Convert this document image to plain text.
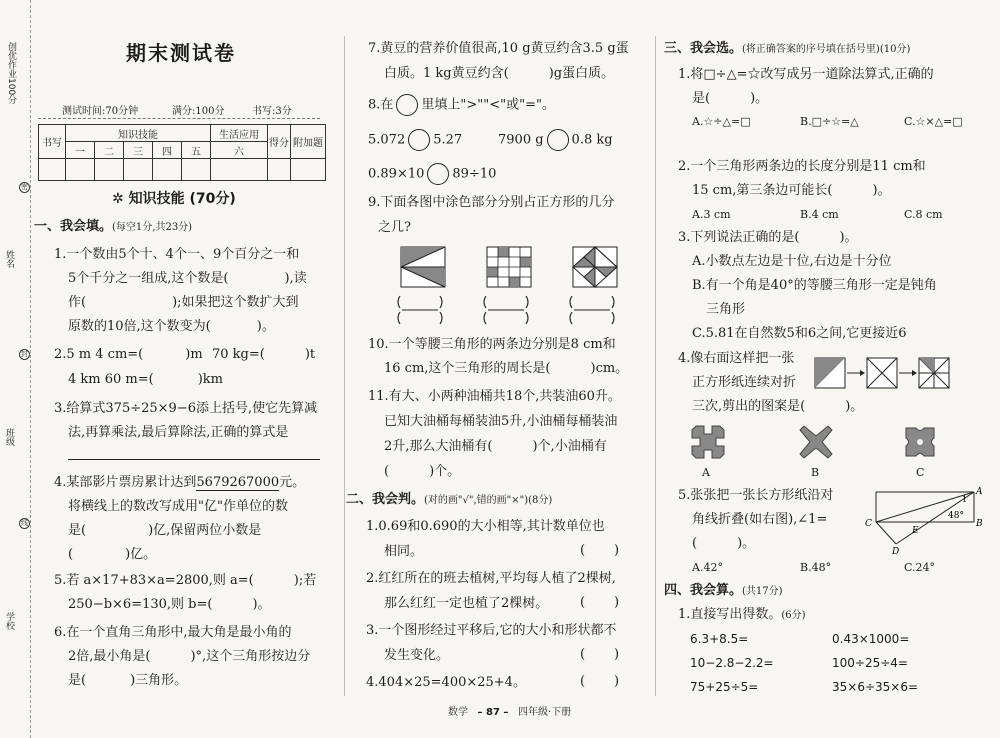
创优作业100分
密
封
线
姓名
班级
学校
期末测试卷
测试时间:70分钟	满分:100分	书写:3分
书写	知识技能					生活应用	得分	附加题
	一	二	三	四	五	六		

✲ 知识技能 (70分)
一、我会填。(每空1分,共23分)
1.一个数由5个十、4个一、9个百分之一和
5个千分之一组成,这个数是(	),读
作(	);如果把这个数扩大到
原数的10倍,这个数变为(	)。
2.5 m 4 cm=(	)m 70 kg=(	)t
4 km 60 m=(	)km
3.给算式375÷25×9−6添上括号,使它先算减
法,再算乘法,最后算除法,正确的算式是
4.某部影片票房累计达到5679267000元。
将横线上的数改写成用"亿"作单位的数
是(	)亿,保留两位小数是
(	)亿。
5.若 a×17+83×a=2800,则 a=(	);若
250−b×6=130,则 b=(	)。
6.在一个直角三角形中,最大角是最小角的
2倍,最小角是(	)°,这个三角形按边分
是(	)三角形。
7.黄豆的营养价值很高,10 g黄豆约含3.5 g蛋
白质。1 kg黄豆约含(	)g蛋白质。
8.在 里填上">""<"或"="。
5.072 5.27	7900 g 0.8 kg
0.89×10 89÷10
9.下面各图中涂色部分分别占正方形的几分
之几?
10.一个等腰三角形的两条边分别是8 cm和
16 cm,这个三角形的周长是(	)cm。
11.有大、小两种油桶共18个,共装油60升。
已知大油桶每桶装油5升,小油桶每桶装油
2升,那么大油桶有(	)个,小油桶有
(	)个。
二、我会判。(对的画"√",错的画"×")(8分)
1.0.69和0.690的大小相等,其计数单位也
相同。	(       )
2.红红所在的班去植树,平均每人植了2棵树,
那么红红一定也植了2棵树。 (       )
3.一个图形经过平移后,它的大小和形状都不
发生变化。	(       )
4.404×25=400×25+4。	(       )
三、我会选。(将正确答案的序号填在括号里)(10分)
1.将□÷△=☆改写成另一道除法算式,正确的
是(	)。
A.☆÷△=□	B.□÷☆=△	C.☆×△=□
2.一个三角形两条边的长度分别是11 cm和
15 cm,第三条边可能长(	)。
A.3 cm	B.4 cm	C.8 cm
3.下列说法正确的是(	)。
A.小数点左边是十位,右边是十分位
B.有一个角是40°的等腰三角形一定是钝角
三角形
C.5.81在自然数5和6之间,它更接近6
4.像右面这样把一张
正方形纸连续对折
三次,剪出的图案是(	)。
A	B	C
5.张张把一张长方形纸沿对
角线折叠(如右图),∠1=
(	)。
A
B
C
D
E
48°
1
A.42°	B.48°	C.24°
四、我会算。(共17分)
1.直接写出得数。(6分)
6.3+8.5=	0.43×1000=
10−2.8−2.2=	100÷25÷4=
75+25÷5=	35×6÷35×6=
数学 – 87 – 四年级·下册
